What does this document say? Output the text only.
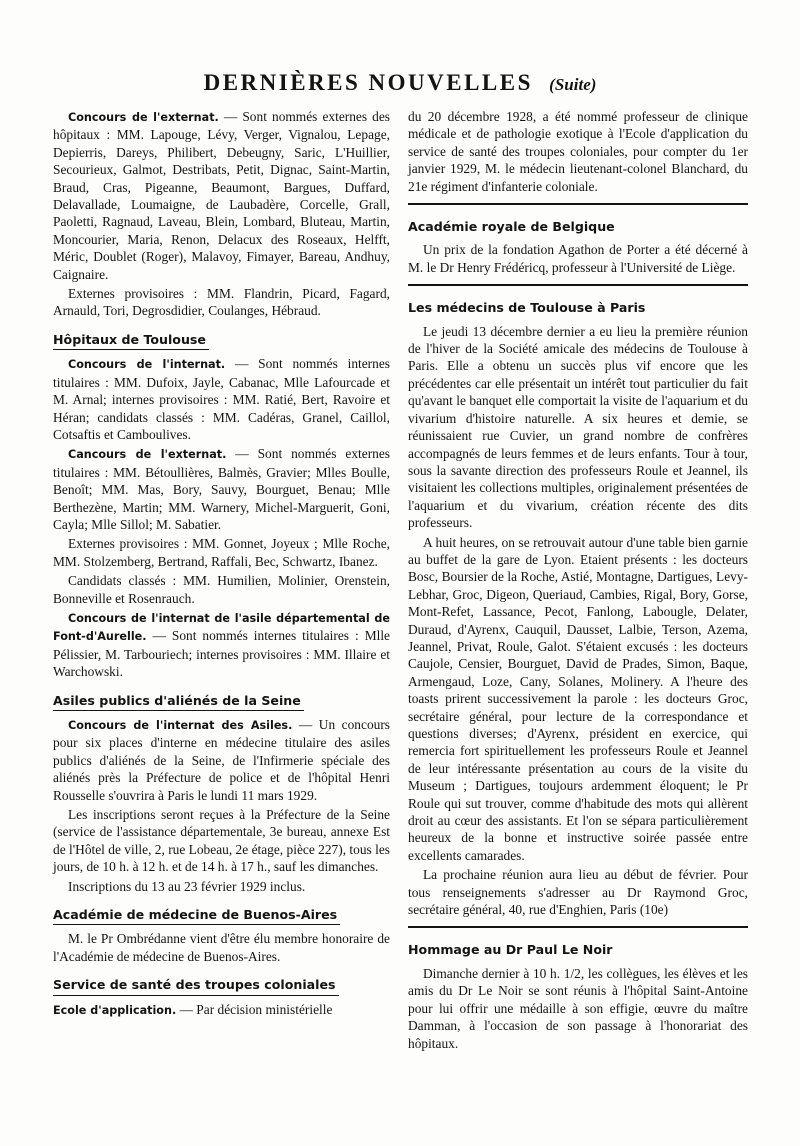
DERNIÈRES NOUVELLES (Suite)

Concours de l'externat. — Sont nommés externes des hôpitaux : MM. Lapouge, Lévy, Verger, Vignalou, Lepage, Depierris, Dareys, Philibert, Debeugny, Saric, L'Huillier, Secourieux, Galmot, Destribats, Petit, Dignac, Saint-Martin, Braud, Cras, Pigeanne, Beaumont, Bargues, Duffard, Delavallade, Loumaigne, de Laubadère, Corcelle, Grall, Paoletti, Ragnaud, Laveau, Blein, Lombard, Bluteau, Martin, Moncourier, Maria, Renon, Delacux des Roseaux, Helfft, Méric, Doublet (Roger), Malavoy, Fimayer, Bareau, Andhuy, Caignaire.

Externes provisoires : MM. Flandrin, Picard, Fagard, Arnauld, Tori, Degrosdidier, Coulanges, Hébraud.

Hôpitaux de Toulouse

Concours de l'internat. — Sont nommés internes titulaires : MM. Dufoix, Jayle, Cabanac, Mlle Lafourcade et M. Arnal; internes provisoires : MM. Ratié, Bert, Ravoire et Héran; candidats classés : MM. Cadéras, Granel, Caillol, Cotsaftis et Camboulives.

Cancours de l'externat. — Sont nommés externes titulaires : MM. Bétoullières, Balmès, Gravier; Mlles Boulle, Benoît; MM. Mas, Bory, Sauvy, Bourguet, Benau; Mlle Berthezène, Martin; MM. Warnery, Michel-Marguerit, Goni, Cayla; Mlle Sillol; M. Sabatier.

Externes provisoires : MM. Gonnet, Joyeux ; Mlle Roche, MM. Stolzemberg, Bertrand, Raffali, Bec, Schwartz, Ibanez.

Candidats classés : MM. Humilien, Molinier, Orenstein, Bonneville et Rosenrauch.

Concours de l'internat de l'asile départemental de Font-d'Aurelle. — Sont nommés internes titulaires : Mlle Pélissier, M. Tarbouriech; internes provisoires : MM. Illaire et Warchowski.

Asiles publics d'aliénés de la Seine

Concours de l'internat des Asiles. — Un concours pour six places d'interne en médecine titulaire des asiles publics d'aliénés de la Seine, de l'Infirmerie spéciale des aliénés près la Préfecture de police et de l'hôpital Henri Rousselle s'ouvrira à Paris le lundi 11 mars 1929.

Les inscriptions seront reçues à la Préfecture de la Seine (service de l'assistance départementale, 3e bureau, annexe Est de l'Hôtel de ville, 2, rue Lobeau, 2e étage, pièce 227), tous les jours, de 10 h. à 12 h. et de 14 h. à 17 h., sauf les dimanches.

Inscriptions du 13 au 23 février 1929 inclus.

Académie de médecine de Buenos-Aires

M. le Pr Ombrédanne vient d'être élu membre honoraire de l'Académie de médecine de Buenos-Aires.

Service de santé des troupes coloniales

Ecole d'application. — Par décision ministérielle

du 20 décembre 1928, a été nommé professeur de clinique médicale et de pathologie exotique à l'Ecole d'application du service de santé des troupes coloniales, pour compter du 1er janvier 1929, M. le médecin lieutenant-colonel Blanchard, du 21e régiment d'infanterie coloniale.

Académie royale de Belgique

Un prix de la fondation Agathon de Porter a été décerné à M. le Dr Henry Frédéricq, professeur à l'Université de Liège.

Les médecins de Toulouse à Paris

Le jeudi 13 décembre dernier a eu lieu la première réunion de l'hiver de la Société amicale des médecins de Toulouse à Paris. Elle a obtenu un succès plus vif encore que les précédentes car elle présentait un intérêt tout particulier du fait qu'avant le banquet elle comportait la visite de l'aquarium et du vivarium d'histoire naturelle. A six heures et demie, se réunissaient rue Cuvier, un grand nombre de confrères accompagnés de leurs femmes et de leurs enfants. Tour à tour, sous la savante direction des professeurs Roule et Jeannel, ils visitaient les collections multiples, originalement présentées de l'aquarium et du vivarium, création récente des dits professeurs.

A huit heures, on se retrouvait autour d'une table bien garnie au buffet de la gare de Lyon. Etaient présents : les docteurs Bosc, Boursier de la Roche, Astié, Montagne, Dartigues, Levy-Lebhar, Groc, Digeon, Queriaud, Cambies, Rigal, Bory, Gorse, Mont-Refet, Lassance, Pecot, Fanlong, Labougle, Delater, Duraud, d'Ayrenx, Cauquil, Dausset, Lalbie, Terson, Azema, Jeannel, Privat, Roule, Galot. S'étaient excusés : les docteurs Caujole, Censier, Bourguet, David de Prades, Simon, Baque, Armengaud, Loze, Cany, Solanes, Molinery. A l'heure des toasts prirent successivement la parole : les docteurs Groc, secrétaire général, pour lecture de la correspondance et questions diverses; d'Ayrenx, président en exercice, qui remercia fort spirituellement les professeurs Roule et Jeannel de leur intéressante présentation au cours de la visite du Museum ; Dartigues, toujours ardemment éloquent; le Pr Roule qui sut trouver, comme d'habitude des mots qui allèrent droit au cœur des assistants. Et l'on se sépara particulièrement heureux de la bonne et instructive soirée passée entre excellents camarades.

La prochaine réunion aura lieu au début de février. Pour tous renseignements s'adresser au Dr Raymond Groc, secrétaire général, 40, rue d'Enghien, Paris (10e)

Hommage au Dr Paul Le Noir

Dimanche dernier à 10 h. 1/2, les collègues, les élèves et les amis du Dr Le Noir se sont réunis à l'hôpital Saint-Antoine pour lui offrir une médaille à son effigie, œuvre du maître Damman, à l'occasion de son passage à l'honorariat des hôpitaux.
